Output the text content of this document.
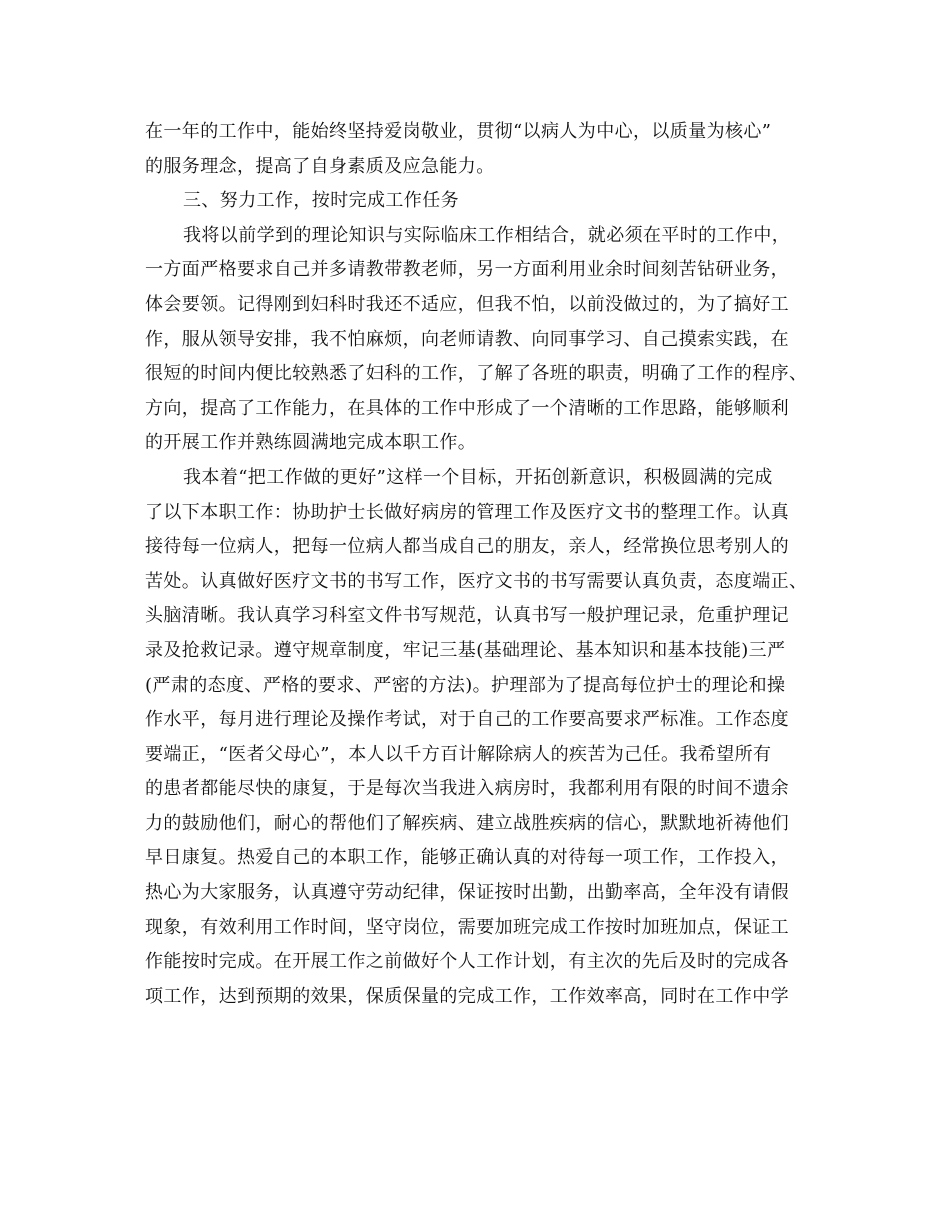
在一年的工作中，能始终坚持爱岗敬业，贯彻“以病人为中心，以质量为核心”
的服务理念，提高了自身素质及应急能力。
三、努力工作，按时完成工作任务
我将以前学到的理论知识与实际临床工作相结合，就必须在平时的工作中，
一方面严格要求自己并多请教带教老师，另一方面利用业余时间刻苦钻研业务，
体会要领。记得刚到妇科时我还不适应，但我不怕，以前没做过的，为了搞好工
作，服从领导安排，我不怕麻烦，向老师请教、向同事学习、自己摸索实践，在
很短的时间内便比较熟悉了妇科的工作，了解了各班的职责，明确了工作的程序、
方向，提高了工作能力，在具体的工作中形成了一个清晰的工作思路，能够顺利
的开展工作并熟练圆满地完成本职工作。
我本着“把工作做的更好”这样一个目标，开拓创新意识，积极圆满的完成
了以下本职工作：协助护士长做好病房的管理工作及医疗文书的整理工作。认真
接待每一位病人，把每一位病人都当成自己的朋友，亲人，经常换位思考别人的
苦处。认真做好医疗文书的书写工作，医疗文书的书写需要认真负责，态度端正、
头脑清晰。我认真学习科室文件书写规范，认真书写一般护理记录，危重护理记
录及抢救记录。遵守规章制度，牢记三基(基础理论、基本知识和基本技能)三严
(严肃的态度、严格的要求、严密的方法)。护理部为了提高每位护士的理论和操
作水平，每月进行理论及操作考试，对于自己的工作要高要求严标准。工作态度
要端正，“医者父母心”，本人以千方百计解除病人的疾苦为己任。我希望所有
的患者都能尽快的康复，于是每次当我进入病房时，我都利用有限的时间不遗余
力的鼓励他们，耐心的帮他们了解疾病、建立战胜疾病的信心，默默地祈祷他们
早日康复。热爱自己的本职工作，能够正确认真的对待每一项工作，工作投入，
热心为大家服务，认真遵守劳动纪律，保证按时出勤，出勤率高，全年没有请假
现象，有效利用工作时间，坚守岗位，需要加班完成工作按时加班加点，保证工
作能按时完成。在开展工作之前做好个人工作计划，有主次的先后及时的完成各
项工作，达到预期的效果，保质保量的完成工作，工作效率高，同时在工作中学
